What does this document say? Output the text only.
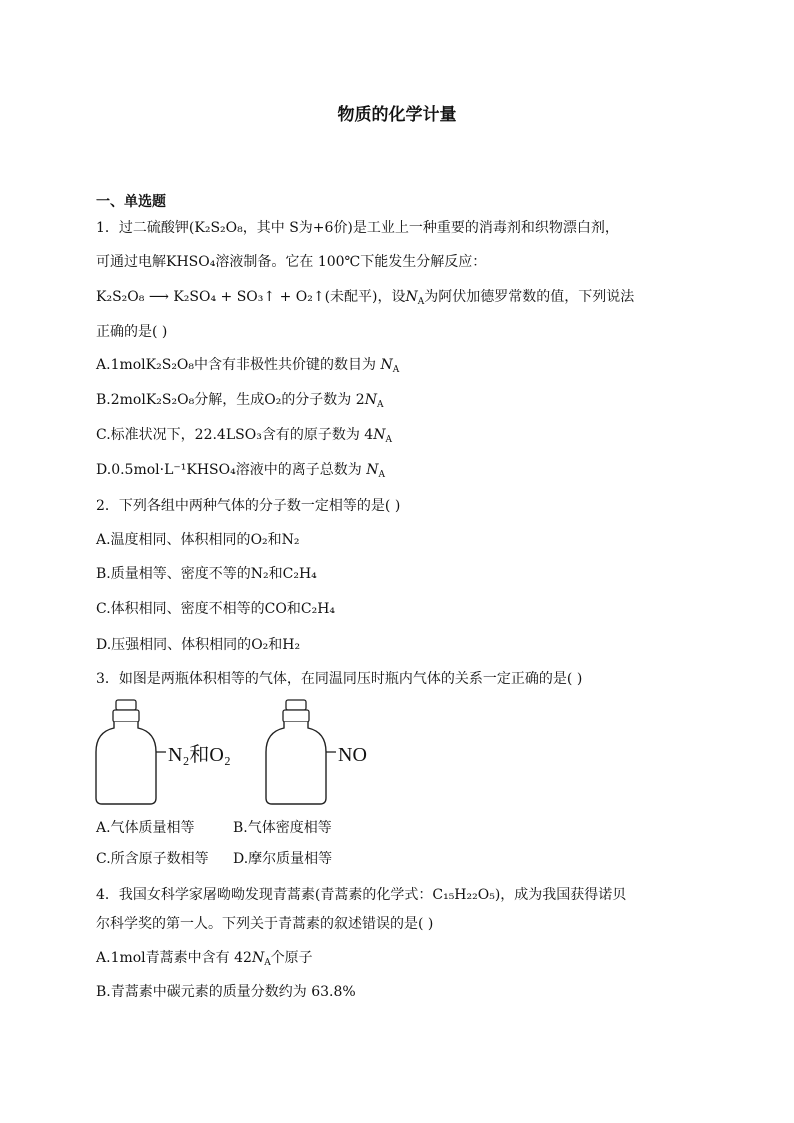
物质的化学计量
一、单选题
1．过二硫酸钾(K₂S₂O₈，其中 S为+6价)是工业上一种重要的消毒剂和织物漂白剂，
可通过电解KHSO₄溶液制备。它在 100℃下能发生分解反应：
K₂S₂O₈ ⟶ K₂SO₄ + SO₃↑ + O₂↑(未配平)，设$N_A$为阿伏加德罗常数的值，下列说法
正确的是( )
A.1molK₂S₂O₈中含有非极性共价键的数目为 $N_A$
B.2molK₂S₂O₈分解，生成O₂的分子数为 $2N_A$
C.标准状况下，22.4LSO₃含有的原子数为 $4N_A$
D.0.5mol·L⁻¹KHSO₄溶液中的离子总数为 $N_A$
2．下列各组中两种气体的分子数一定相等的是( )
A.温度相同、体积相同的O₂和N₂
B.质量相等、密度不等的N₂和C₂H₄
C.体积相同、密度不相等的CO和C₂H₄
D.压强相同、体积相同的O₂和H₂
3．如图是两瓶体积相等的气体，在同温同压时瓶内气体的关系一定正确的是( )
N₂和O₂	NO
A.气体质量相等	B.气体密度相等
C.所含原子数相等 D.摩尔质量相等
4．我国女科学家屠呦呦发现青蒿素(青蒿素的化学式：C₁₅H₂₂O₅)，成为我国获得诺贝
尔科学奖的第一人。下列关于青蒿素的叙述错误的是( )
A.1mol青蒿素中含有 $42N_A$个原子
B.青蒿素中碳元素的质量分数约为 63.8%
